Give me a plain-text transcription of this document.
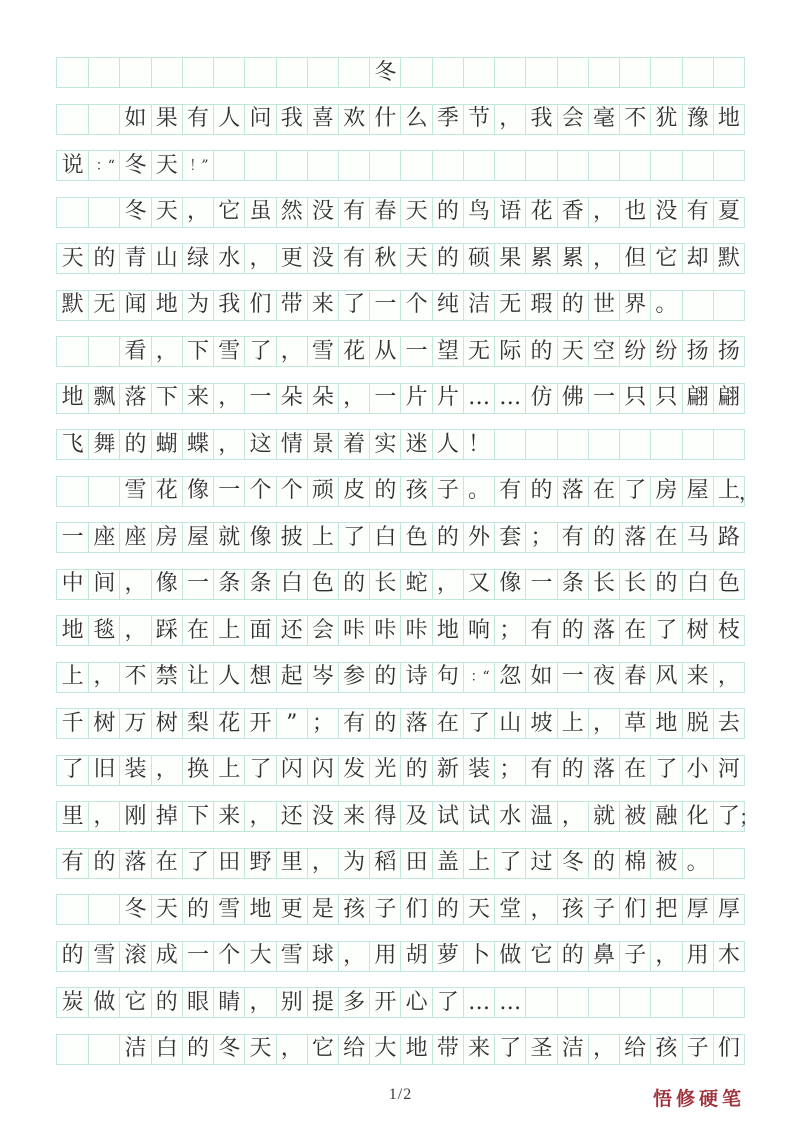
冬
如 果 有 人 问 我 喜 欢 什 么 季 节 ， 我 会 毫 不 犹 豫 地
说 ：“ 冬 天 ！”
冬 天 ， 它 虽 然 没 有 春 天 的 鸟 语 花 香 ， 也 没 有 夏
天 的 青 山 绿 水 ， 更 没 有 秋 天 的 硕 果 累 累 ， 但 它 却 默
默 无 闻 地 为 我 们 带 来 了 一 个 纯 洁 无 瑕 的 世 界 。
看 ， 下 雪 了 ， 雪 花 从 一 望 无 际 的 天 空 纷 纷 扬 扬
地 飘 落 下 来 ， 一 朵 朵 ， 一 片 片 … … 仿 佛 一 只 只 翩 翩
飞 舞 的 蝴 蝶 ， 这 情 景 着 实 迷 人 ！
雪 花 像 一 个 个 顽 皮 的 孩 子 。 有 的 落 在 了 房 屋 上 ，
一 座 座 房 屋 就 像 披 上 了 白 色 的 外 套 ； 有 的 落 在 马 路
中 间 ， 像 一 条 条 白 色 的 长 蛇 ， 又 像 一 条 长 长 的 白 色
地 毯 ， 踩 在 上 面 还 会 咔 咔 咔 地 响 ； 有 的 落 在 了 树 枝
上 ， 不 禁 让 人 想 起 岑 参 的 诗 句 ：“ 忽 如 一 夜 春 风 来 ，
千 树 万 树 梨 花 开 ” ； 有 的 落 在 了 山 坡 上 ， 草 地 脱 去
了 旧 装 ， 换 上 了 闪 闪 发 光 的 新 装 ； 有 的 落 在 了 小 河
里 ， 刚 掉 下 来 ， 还 没 来 得 及 试 试 水 温 ， 就 被 融 化 了 ；
有 的 落 在 了 田 野 里 ， 为 稻 田 盖 上 了 过 冬 的 棉 被 。
冬 天 的 雪 地 更 是 孩 子 们 的 天 堂 ， 孩 子 们 把 厚 厚
的 雪 滚 成 一 个 大 雪 球 ， 用 胡 萝 卜 做 它 的 鼻 子 ， 用 木
炭 做 它 的 眼 睛 ， 别 提 多 开 心 了 … …
洁 白 的 冬 天 ， 它 给 大 地 带 来 了 圣 洁 ， 给 孩 子 们
1/2	悟修硬笔
